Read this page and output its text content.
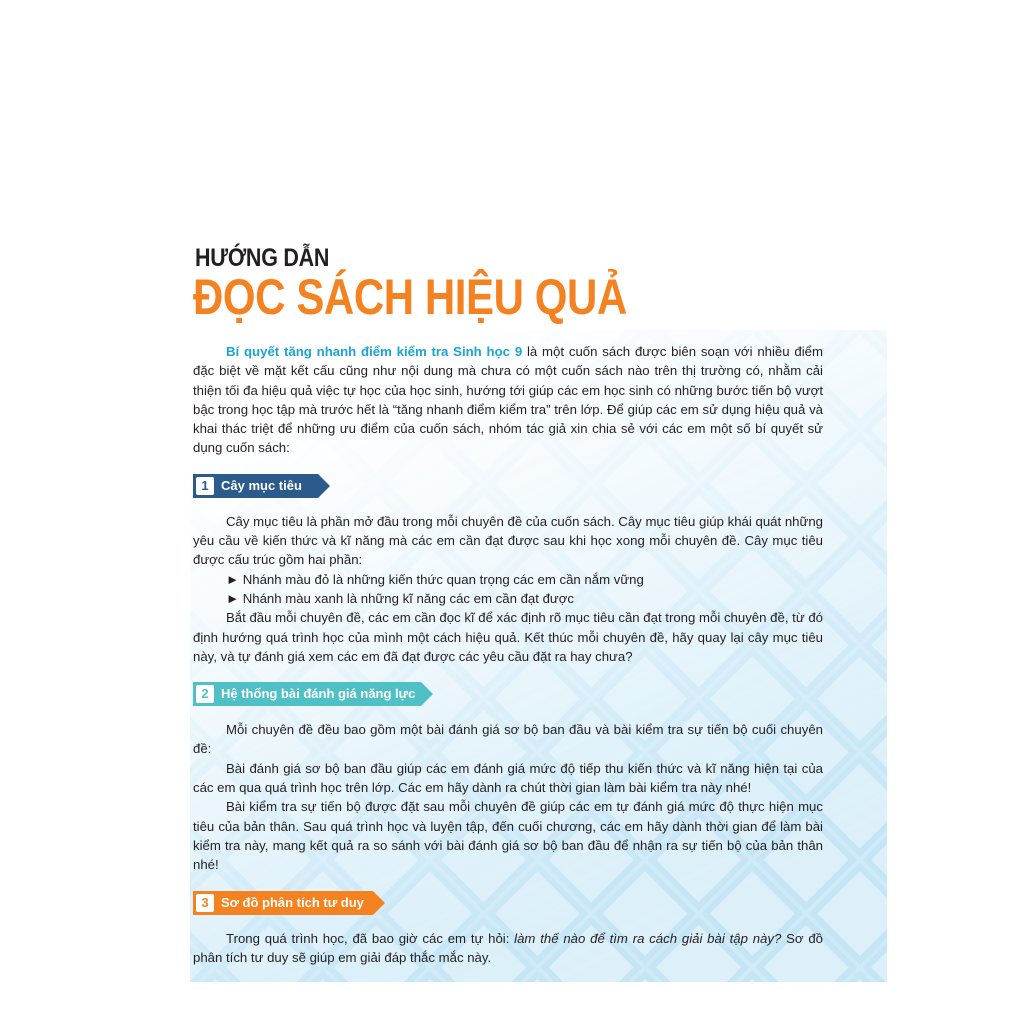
HƯỚNG DẪN
ĐỌC SÁCH HIỆU QUẢ

Bí quyết tăng nhanh điểm kiểm tra Sinh học 9 là một cuốn sách được biên soạn với nhiều điểm đặc biệt về mặt kết cấu cũng như nội dung mà chưa có một cuốn sách nào trên thị trường có, nhằm cải thiện tối đa hiệu quả việc tự học của học sinh, hướng tới giúp các em học sinh có những bước tiến bộ vượt bậc trong học tập mà trước hết là “tăng nhanh điểm kiểm tra” trên lớp. Để giúp các em sử dụng hiệu quả và khai thác triệt để những ưu điểm của cuốn sách, nhóm tác giả xin chia sẻ với các em một số bí quyết sử dụng cuốn sách:

1 Cây mục tiêu

Cây mục tiêu là phần mở đầu trong mỗi chuyên đề của cuốn sách. Cây mục tiêu giúp khái quát những yêu cầu về kiến thức và kĩ năng mà các em cần đạt được sau khi học xong mỗi chuyên đề. Cây mục tiêu được cấu trúc gồm hai phần:

► Nhánh màu đỏ là những kiến thức quan trọng các em cần nắm vững

► Nhánh màu xanh là những kĩ năng các em cần đạt được

Bắt đầu mỗi chuyên đề, các em cần đọc kĩ để xác định rõ mục tiêu cần đạt trong mỗi chuyên đề, từ đó định hướng quá trình học của mình một cách hiệu quả. Kết thúc mỗi chuyên đề, hãy quay lại cây mục tiêu này, và tự đánh giá xem các em đã đạt được các yêu cầu đặt ra hay chưa?

2 Hệ thống bài đánh giá năng lực

Mỗi chuyên đề đều bao gồm một bài đánh giá sơ bộ ban đầu và bài kiểm tra sự tiến bộ cuối chuyên đề:

Bài đánh giá sơ bộ ban đầu giúp các em đánh giá mức độ tiếp thu kiến thức và kĩ năng hiện tại của các em qua quá trình học trên lớp. Các em hãy dành ra chút thời gian làm bài kiểm tra này nhé!

Bài kiểm tra sự tiến bộ được đặt sau mỗi chuyên đề giúp các em tự đánh giá mức độ thực hiện mục tiêu của bản thân. Sau quá trình học và luyện tập, đến cuối chương, các em hãy dành thời gian để làm bài kiểm tra này, mang kết quả ra so sánh với bài đánh giá sơ bộ ban đầu để nhận ra sự tiến bộ của bản thân nhé!

3 Sơ đồ phân tích tư duy

Trong quá trình học, đã bao giờ các em tự hỏi: làm thế nào để tìm ra cách giải bài tập này? Sơ đồ phân tích tư duy sẽ giúp em giải đáp thắc mắc này.
